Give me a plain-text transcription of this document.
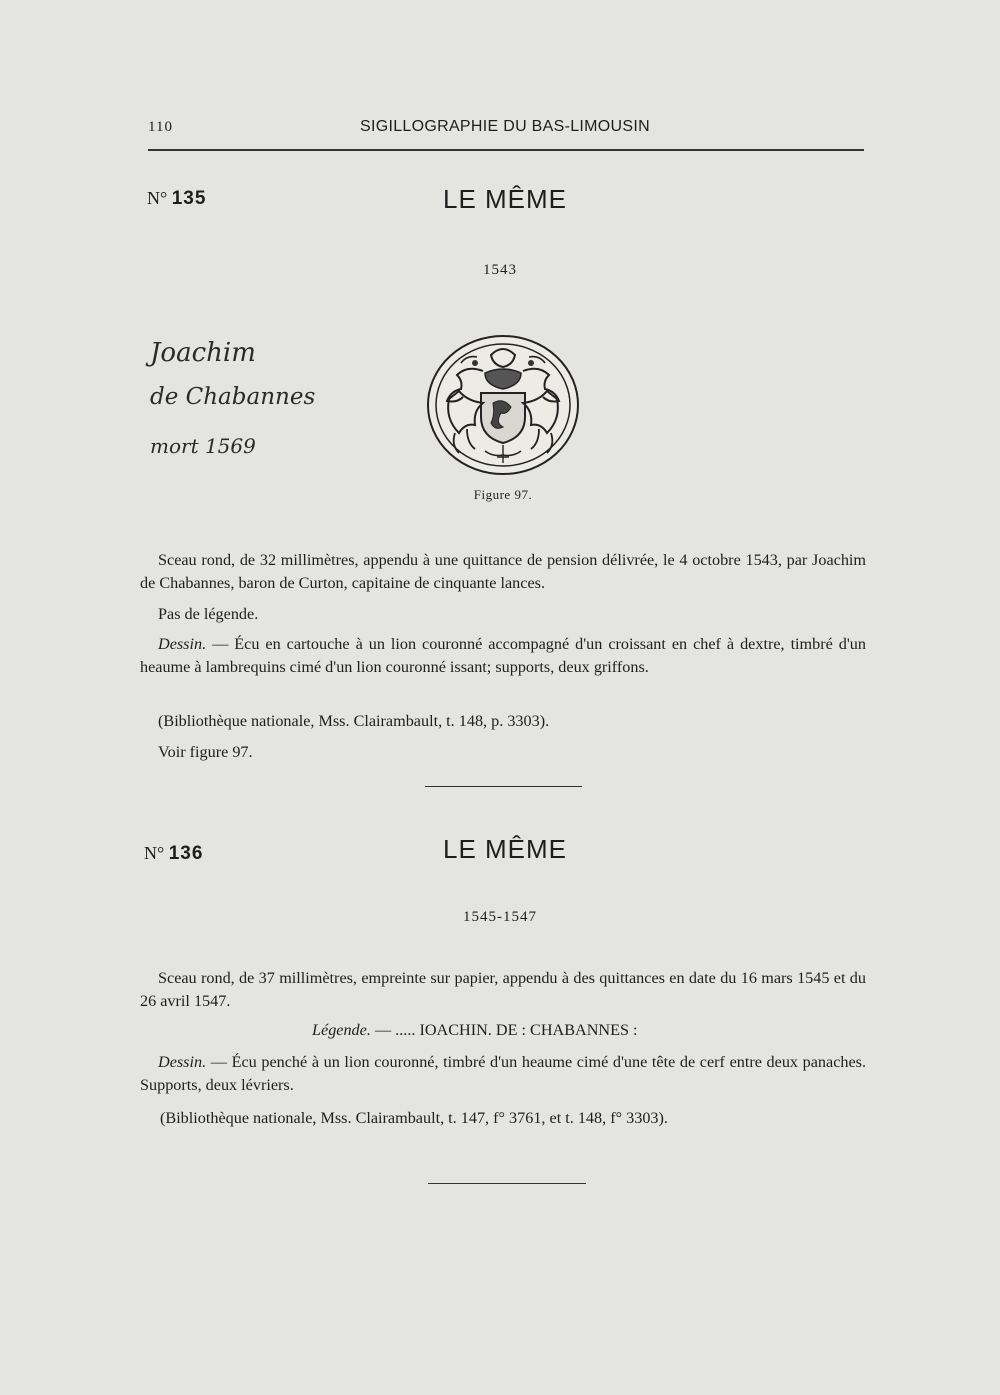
110	SIGILLOGRAPHIE DU BAS-LIMOUSIN
N° 135	LE MÊME
1543
Joachim
de Chabannes
mort 1569
Figure 97.
Sceau rond, de 32 millimètres, appendu à une quittance de pension délivrée, le 4 octobre 1543, par Joachim de Chabannes, baron de Curton, capitaine de cinquante lances.
Pas de légende.
Dessin. — Écu en cartouche à un lion couronné accompagné d'un croissant en chef à dextre, timbré d'un heaume à lambrequins cimé d'un lion couronné issant; supports, deux griffons.
(Bibliothèque nationale, Mss. Clairambault, t. 148, p. 3303).
Voir figure 97.
N° 136	LE MÊME
1545-1547
Sceau rond, de 37 millimètres, empreinte sur papier, appendu à des quittances en date du 16 mars 1545 et du 26 avril 1547.
Légende. — ..... IOACHIN. DE : CHABANNES :
Dessin. — Écu penché à un lion couronné, timbré d'un heaume cimé d'une tête de cerf entre deux panaches. Supports, deux lévriers.
(Bibliothèque nationale, Mss. Clairambault, t. 147, f° 3761, et t. 148, f° 3303).
